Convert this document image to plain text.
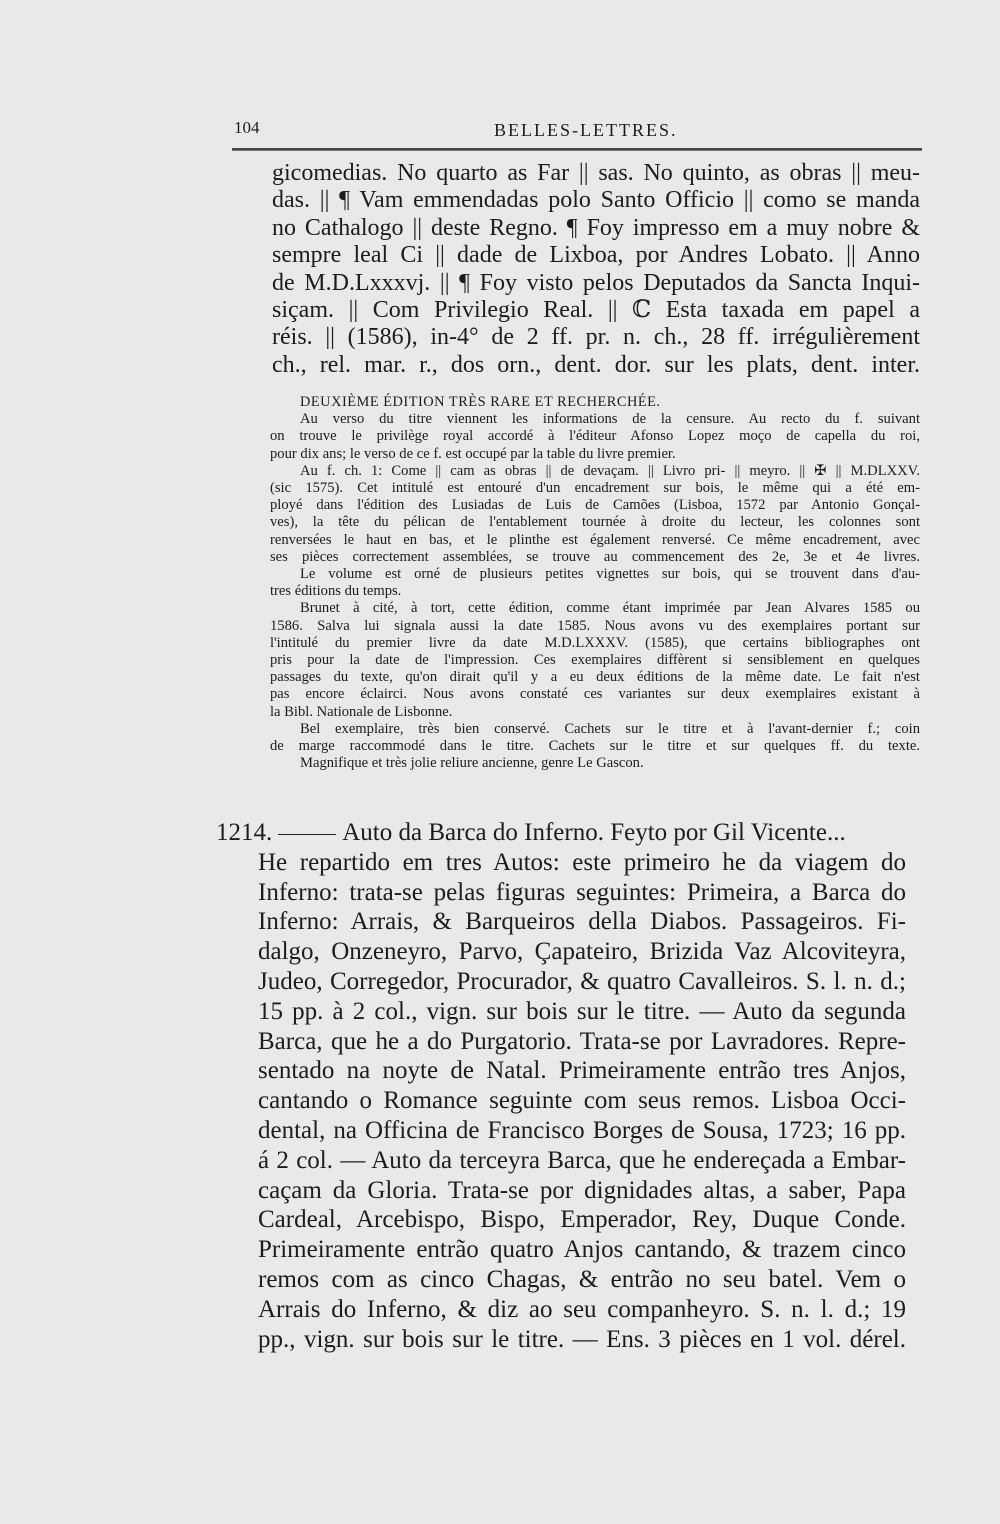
104	BELLES-LETTRES.
gicomedias. No quarto as Far || sas. No quinto, as obras || meu-
das. || ¶ Vam emmendadas polo Santo Officio || como se manda
no Cathalogo || deste Regno. ¶ Foy impresso em a muy nobre &
sempre leal Ci || dade de Lixboa, por Andres Lobato. || Anno
de M.D.Lxxxvj. || ¶ Foy visto pelos Deputados da Sancta Inqui-
siçam. || Com Privilegio Real. || ℂ Esta taxada em papel a
réis. || (1586), in-4° de 2 ff. pr. n. ch., 28 ff. irrégulièrement
ch., rel. mar. r., dos orn., dent. dor. sur les plats, dent. inter.
DEUXIÈME ÉDITION TRÈS RARE ET RECHERCHÉE.
Au verso du titre viennent les informations de la censure. Au recto du f. suivant
on trouve le privilège royal accordé à l'éditeur Afonso Lopez moço de capella du roi,
pour dix ans; le verso de ce f. est occupé par la table du livre premier.
Au f. ch. 1: Come || cam as obras || de devaçam. || Livro pri- || meyro. || ✠ || M.DLXXV.
(sic 1575). Cet intitulé est entouré d'un encadrement sur bois, le même qui a été em-
ployé dans l'édition des Lusiadas de Luis de Camões (Lisboa, 1572 par Antonio Gonçal-
ves), la tête du pélican de l'entablement tournée à droite du lecteur, les colonnes sont
renversées le haut en bas, et le plinthe est également renversé. Ce même encadrement, avec
ses pièces correctement assemblées, se trouve au commencement des 2e, 3e et 4e livres.
Le volume est orné de plusieurs petites vignettes sur bois, qui se trouvent dans d'au-
tres éditions du temps.
Brunet à cité, à tort, cette édition, comme étant imprimée par Jean Alvares 1585 ou
1586. Salva lui signala aussi la date 1585. Nous avons vu des exemplaires portant sur
l'intitulé du premier livre da date M.D.LXXXV. (1585), que certains bibliographes ont
pris pour la date de l'impression. Ces exemplaires diffèrent si sensiblement en quelques
passages du texte, qu'on dirait qu'il y a eu deux éditions de la même date. Le fait n'est
pas encore éclairci. Nous avons constaté ces variantes sur deux exemplaires existant à
la Bibl. Nationale de Lisbonne.
Bel exemplaire, très bien conservé. Cachets sur le titre et à l'avant-dernier f.; coin
de marge raccommodé dans le titre. Cachets sur le titre et sur quelques ff. du texte.
Magnifique et très jolie reliure ancienne, genre Le Gascon.
1214.	Auto da Barca do Inferno. Feyto por Gil Vicente...
He repartido em tres Autos: este primeiro he da viagem do
Inferno: trata-se pelas figuras seguintes: Primeira, a Barca do
Inferno: Arrais, & Barqueiros della Diabos. Passageiros. Fi-
dalgo, Onzeneyro, Parvo, Çapateiro, Brizida Vaz Alcoviteyra,
Judeo, Corregedor, Procurador, & quatro Cavalleiros. S. l. n. d.;
15 pp. à 2 col., vign. sur bois sur le titre. — Auto da segunda
Barca, que he a do Purgatorio. Trata-se por Lavradores. Repre-
sentado na noyte de Natal. Primeiramente entrão tres Anjos,
cantando o Romance seguinte com seus remos. Lisboa Occi-
dental, na Officina de Francisco Borges de Sousa, 1723; 16 pp.
á 2 col. — Auto da terceyra Barca, que he endereçada a Embar-
caçam da Gloria. Trata-se por dignidades altas, a saber, Papa
Cardeal, Arcebispo, Bispo, Emperador, Rey, Duque Conde.
Primeiramente entrão quatro Anjos cantando, & trazem cinco
remos com as cinco Chagas, & entrão no seu batel. Vem o
Arrais do Inferno, & diz ao seu companheyro. S. n. l. d.; 19
pp., vign. sur bois sur le titre. — Ens. 3 pièces en 1 vol. dérel.
